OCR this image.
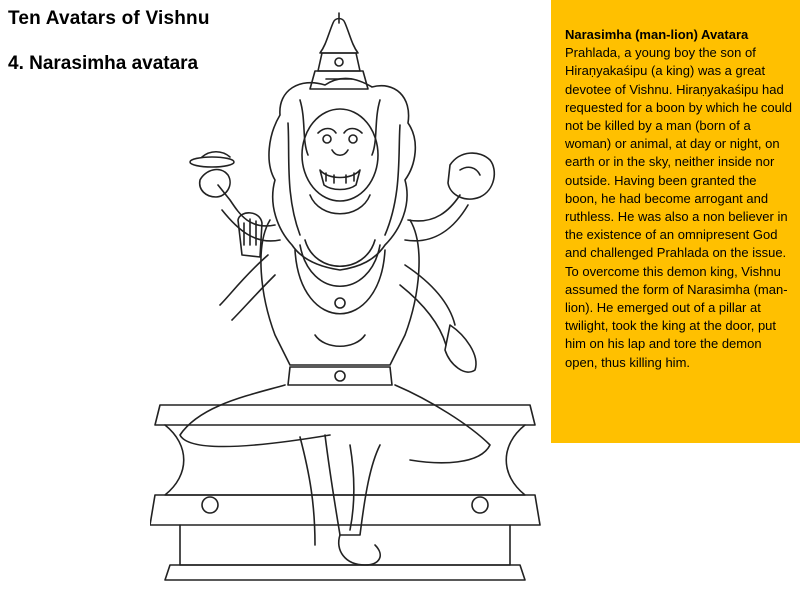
Ten Avatars of Vishnu
4. Narasimha avatara
Narasimha (man-lion) Avatara
Prahlada, a young boy the son of Hiraṇyakaśipu (a king) was a great devotee of Vishnu. Hiraṇyakaśipu had requested for a boon by which he could not be killed by a man (born of a woman) or animal, at day or night, on earth or in the sky, neither inside nor outside. Having been granted the boon, he had become arrogant and ruthless. He was also a non believer in the existence of an omnipresent God and challenged Prahlada on the issue. To overcome this demon king, Vishnu assumed the form of Narasimha (man-lion). He emerged out of a pillar at twilight, took the king at the door, put him on his lap and tore the demon open, thus killing him.
